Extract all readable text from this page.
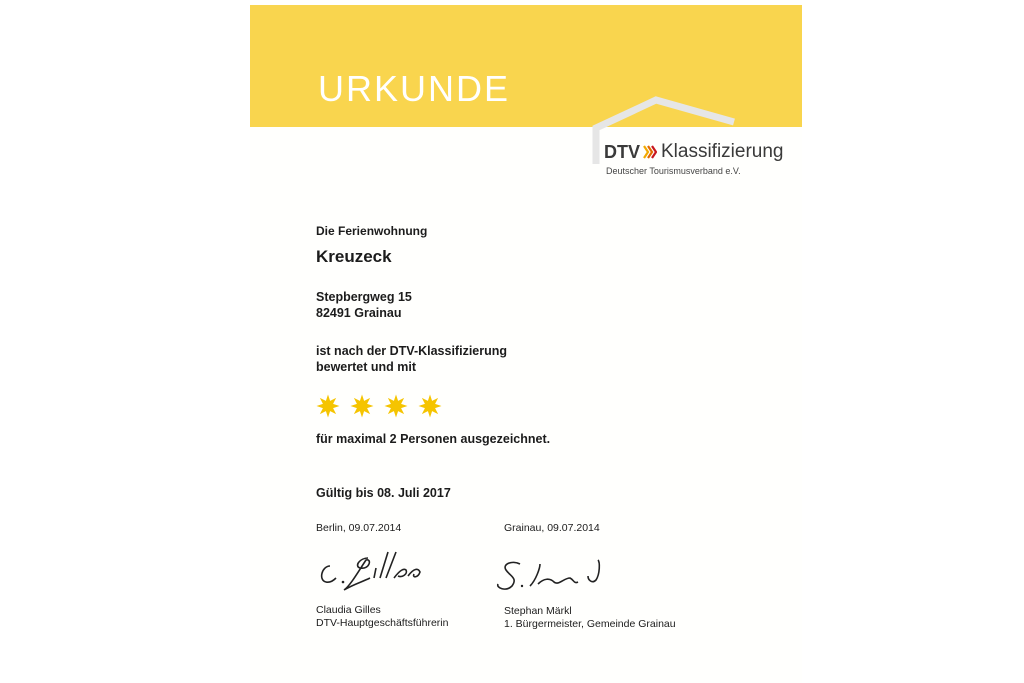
URKUNDE
DTV Klassifizierung
Deutscher Tourismusverband e.V.
Die Ferienwohnung
Kreuzeck
Stepbergweg 15
82491 Grainau
ist nach der DTV-Klassifizierung
bewertet und mit
für maximal 2 Personen ausgezeichnet.
Gültig bis 08. Juli 2017
Berlin, 09.07.2014	Grainau, 09.07.2014
Claudia Gilles
DTV-Hauptgeschäftsführerin
Stephan Märkl
1. Bürgermeister, Gemeinde Grainau
